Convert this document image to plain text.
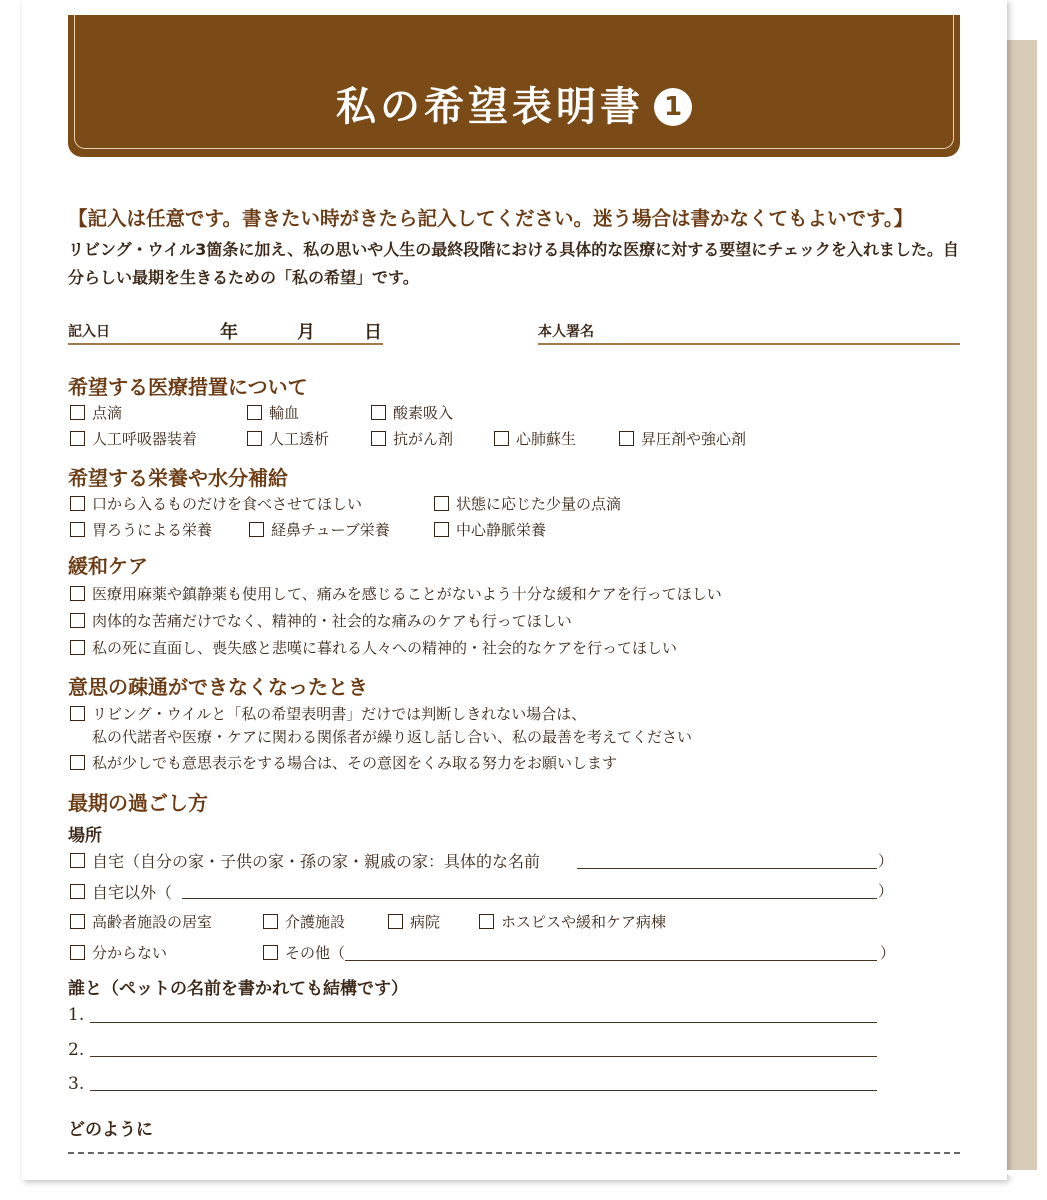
私の希望表明書 1
【記入は任意です。書きたい時がきたら記入してください。迷う場合は書かなくてもよいです。】
リビング・ウイル3箇条に加え、私の思いや人生の最終段階における具体的な医療に対する要望にチェックを入れました。自分らしい最期を生きるための「私の希望」です。
記入日	年	月	日	本人署名
希望する医療措置について
点滴	輸血	酸素吸入
人工呼吸器装着	人工透析	抗がん剤	心肺蘇生	昇圧剤や強心剤
希望する栄養や水分補給
口から入るものだけを食べさせてほしい	状態に応じた少量の点滴
胃ろうによる栄養	経鼻チューブ栄養	中心静脈栄養
緩和ケア
医療用麻薬や鎮静薬も使用して、痛みを感じることがないよう十分な緩和ケアを行ってほしい
肉体的な苦痛だけでなく、精神的・社会的な痛みのケアも行ってほしい
私の死に直面し、喪失感と悲嘆に暮れる人々への精神的・社会的なケアを行ってほしい
意思の疎通ができなくなったとき
リビング・ウイルと「私の希望表明書」だけでは判断しきれない場合は、
私の代諾者や医療・ケアに関わる関係者が繰り返し話し合い、私の最善を考えてください
私が少しでも意思表示をする場合は、その意図をくみ取る努力をお願いします
最期の過ごし方
場所
自宅（自分の家・子供の家・孫の家・親戚の家：具体的な名前	）
自宅以外（	）
高齢者施設の居室	介護施設	病院	ホスピスや緩和ケア病棟
分からない	その他（	）
誰と（ペットの名前を書かれても結構です）
1.
2.
3.
どのように
